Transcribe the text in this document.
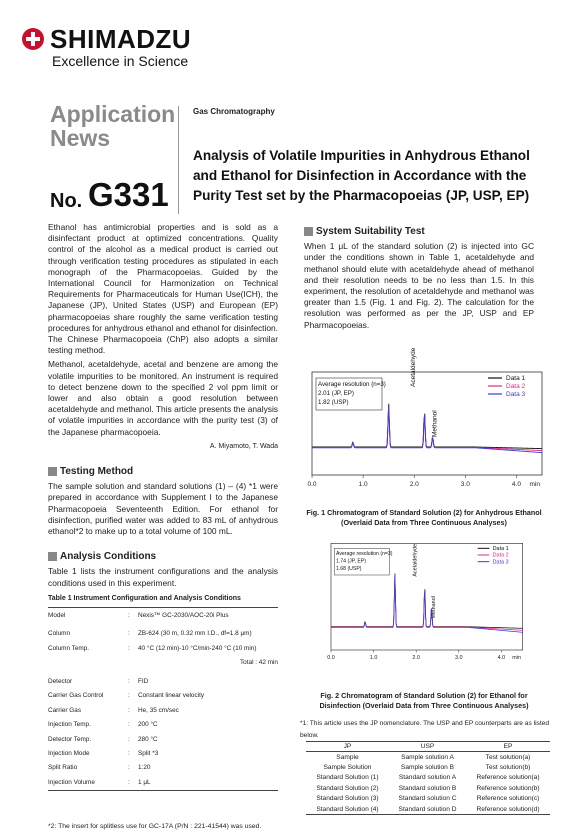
SHIMADZU
Excellence in Science
Application News
No. G331
Gas Chromatography
Analysis of Volatile Impurities in Anhydrous Ethanol and Ethanol for Disinfection in Accordance with the Purity Test set by the Pharmacopoeias (JP, USP, EP)

Ethanol has antimicrobial properties and is sold as a disinfectant product at optimized concentrations. Quality control of the alcohol as a medical product is carried out through verification testing procedures as stipulated in each monograph of the Pharmacopoeias. Guided by the International Council for Harmonization on Technical Requirements for Pharmaceuticals for Human Use(ICH), the Japanese (JP), United States (USP) and European (EP) pharmacopoeias share roughly the same verification testing procedures for anhydrous ethanol and ethanol for disinfection. The Chinese Pharmacopoeia (ChP) also adopts a similar testing method.

Methanol, acetaldehyde, acetal and benzene are among the volatile impurities to be monitored. An instrument is required to detect benzene down to the specified 2 vol ppm limit or lower and also obtain a good resolution between acetaldehyde and methanol. This article presents the analysis of volatile impurities in accordance with the purity test (3) of the Japanese pharmacopoeia.

A. Miyamoto, T. Wada

Testing Method

The sample solution and standard solutions (1) – (4) *1 were prepared in accordance with Supplement I to the Japanese Pharmacopoeia Seventeenth Edition. For ethanol for disinfection, purified water was added to 83 mL of anhydrous ethanol*2 to make up to a total volume of 100 mL.

Analysis Conditions

Table 1 lists the instrument configurations and the analysis conditions used in this experiment.

Table 1 Instrument Configuration and Analysis Conditions
Model	:	Nexis™ GC-2030/AOC-20i Plus
Column	:	ZB-624 (30 m, 0.32 mm I.D., df=1.8 μm)
Column Temp.	:	40 °C (12 min)-10 °C/min-240 °C (10 min)
		Total : 42 min
Detector	:	FID
Carrier Gas Control	:	Constant linear velocity
Carrier Gas	:	He, 35 cm/sec
Injection Temp.	:	200 °C
Detector Temp.	:	280 °C
Injection Mode	:	Split *3
Split Ratio	:	1:20
Injection Volume	:	1 μL
*2: The insert for splitless use for GC-17A (P/N : 221-41544) was used.
System Suitability Test

When 1 μL of the standard solution (2) is injected into GC under the conditions shown in Table 1, acetaldehyde and methanol should elute with acetaldehyde ahead of methanol and their resolution needs to be no less than 1.5. In this experiment, the resolution of acetaldehyde and methanol was greater than 1.5 (Fig. 1 and Fig. 2). The calculation for the resolution was performed as per the JP, USP and EP Pharmacopoeias.

0.0	1.0	2.0	3.0	4.0 min
Average resolution (n=3)
2.01 (JP, EP)
1.82 (USP)
Acetaldehyde
Methanol
Data 1
Data 2
Data 3
Fig. 1 Chromatogram of Standard Solution (2) for Anhydrous Ethanol (Overlaid Data from Three Continuous Analyses)
0.0	1.0	2.0	3.0	4.0 min
Average resolution (n=3)
1.74 (JP, EP)
1.68 (USP)	Acetaldehyde
Methanol
Data 1
Data 2
Data 3
Fig. 2 Chromatogram of Standard Solution (2) for Ethanol for Disinfection (Overlaid Data from Three Continuous Analyses)
*1: This article uses the JP nomenclature. The USP and EP counterparts are as listed below.
JP	USP	EP
Sample	Sample solution A	Test solution(a)
Sample Solution	Sample solution B	Test solution(b)
Standard Solution (1)	Standard solution A	Reference solution(a)
Standard Solution (2)	Standard solution B	Reference solution(b)
Standard Solution (3)	Standard solution C	Reference solution(c)
Standard Solution (4)	Standard solution D	Reference solution(d)
